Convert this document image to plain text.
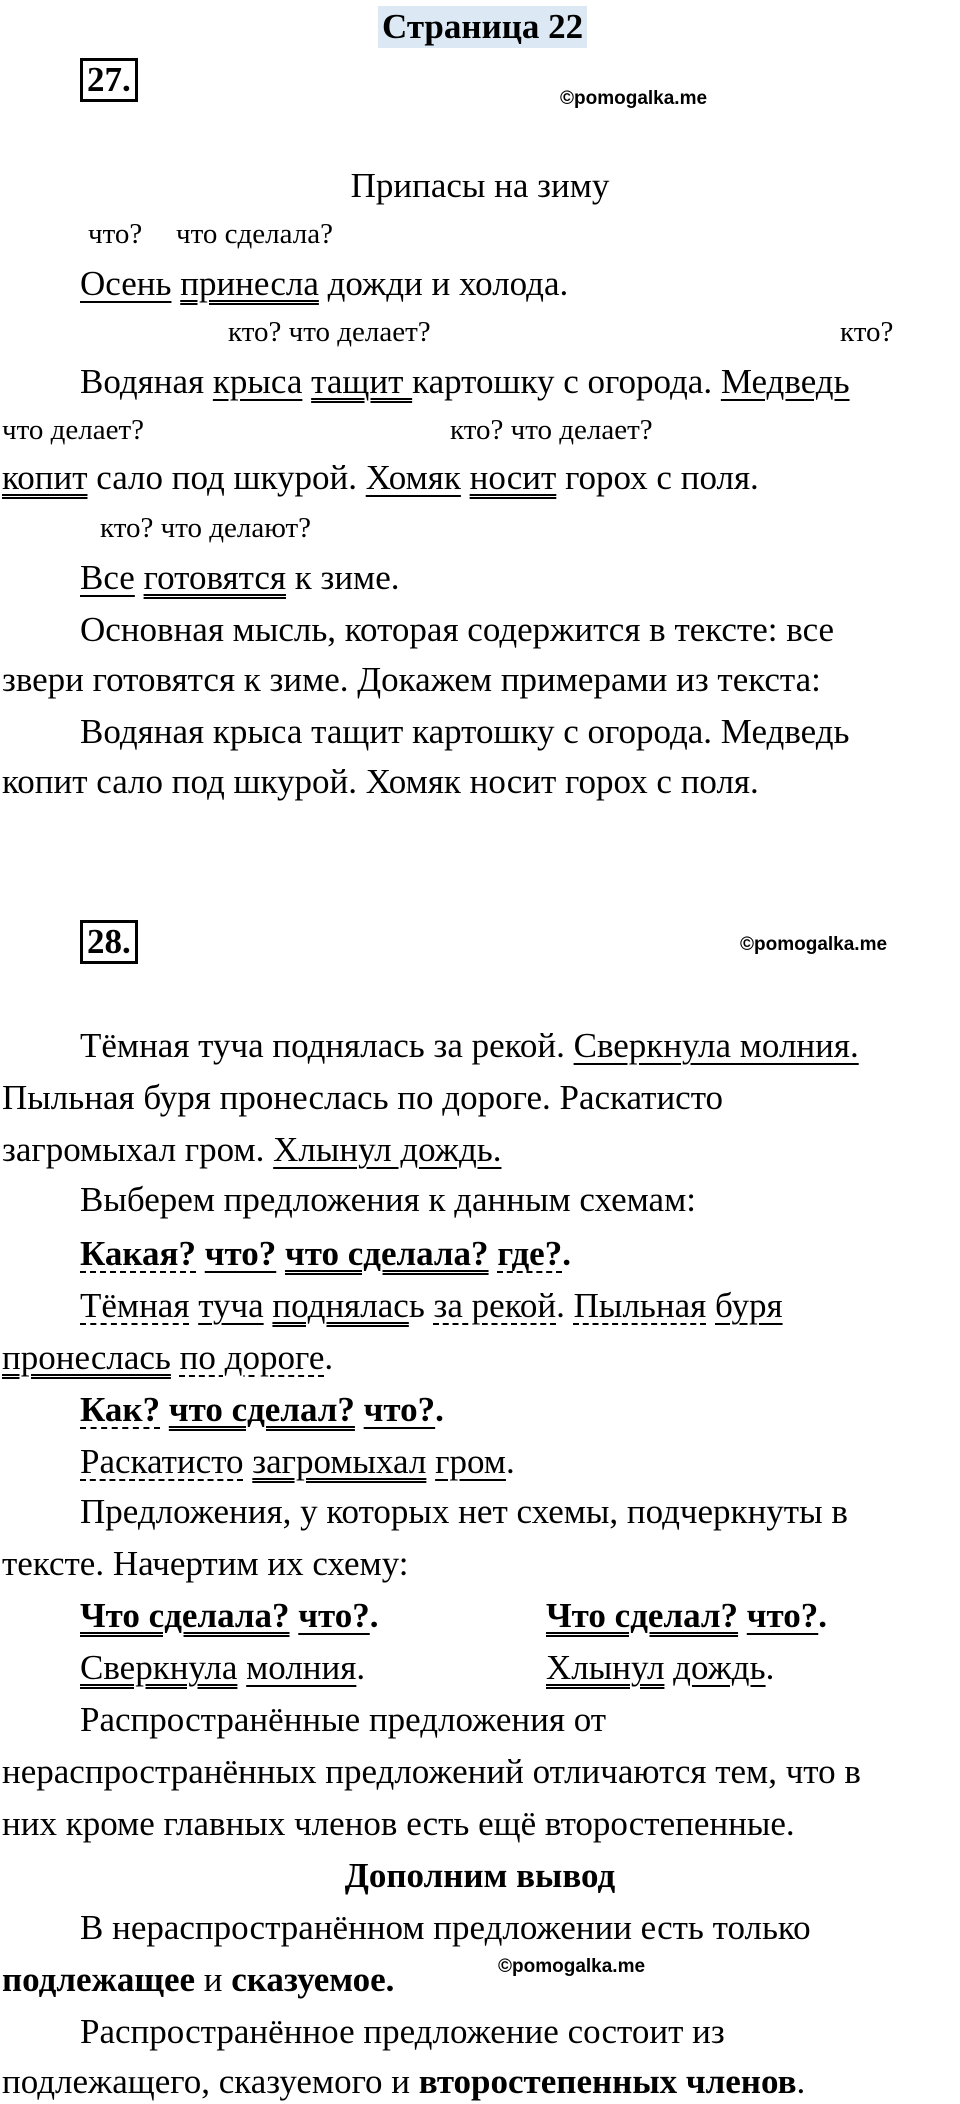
Страница 22
27.	©pomogalka.me
Припасы на зиму
что? что сделала?
Осень принесла дожди и холода.
кто? что делает?	кто?
Водяная крыса тащит картошку с огорода. Медведь
что делает?	кто? что делает?
копит сало под шкурой. Хомяк носит горох с поля.
кто? что делают?
Все готовятся к зиме.
Основная мысль, которая содержится в тексте: все
звери готовятся к зиме. Докажем примерами из текста:
Водяная крыса тащит картошку с огорода. Медведь
копит сало под шкурой. Хомяк носит горох с поля.
28.	©pomogalka.me
Тёмная туча поднялась за рекой. Сверкнула молния.
Пыльная буря пронеслась по дороге. Раскатисто
загромыхал гром. Хлынул дождь.
Выберем предложения к данным схемам:
Какая? что? что сделала? где?.
Тёмная туча поднялась за рекой. Пыльная буря
пронеслась по дороге.
Как? что сделал? что?.
Раскатисто загромыхал гром.
Предложения, у которых нет схемы, подчеркнуты в
тексте. Начертим их схему:
Что сделала? что?.	Что сделал? что?.
Сверкнула молния.	Хлынул дождь.
Распространённые предложения от
нераспространённых предложений отличаются тем, что в
них кроме главных членов есть ещё второстепенные.
Дополним вывод
В нераспространённом предложении есть только
подлежащее и сказуемое.	©pomogalka.me
Распространённое предложение состоит из
подлежащего, сказуемого и второстепенных членов.
